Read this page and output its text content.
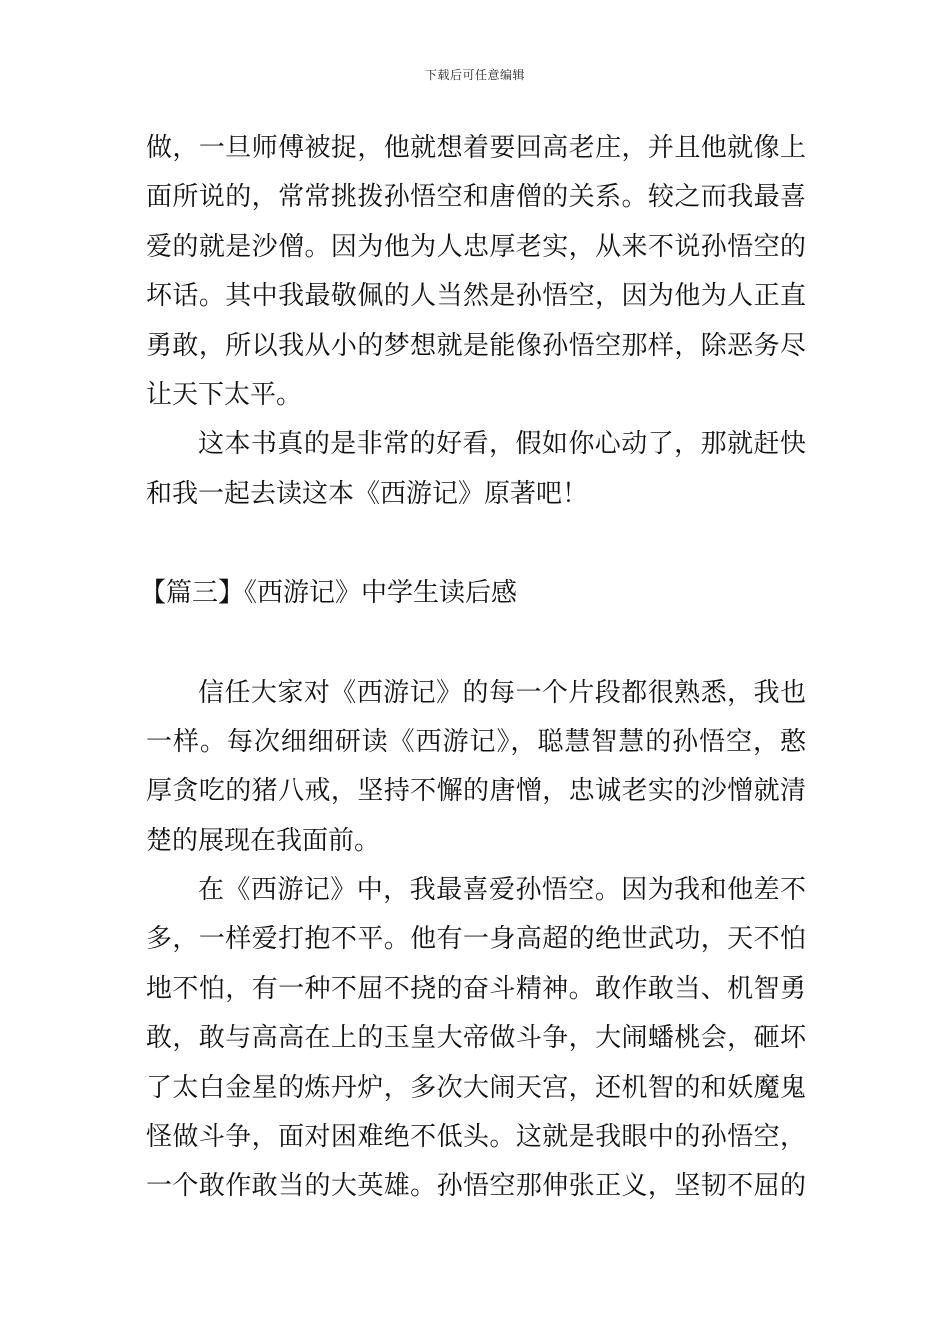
下载后可任意编辑
做，一旦师傅被捉，他就想着要回高老庄，并且他就像上
面所说的，常常挑拨孙悟空和唐僧的关系。较之而我最喜
爱的就是沙僧。因为他为人忠厚老实，从来不说孙悟空的
坏话。其中我最敬佩的人当然是孙悟空，因为他为人正直
勇敢，所以我从小的梦想就是能像孙悟空那样，除恶务尽
让天下太平。
这本书真的是非常的好看，假如你心动了，那就赶快
和我一起去读这本《西游记》原著吧！
【篇三】《西游记》中学生读后感
信任大家对《西游记》的每一个片段都很熟悉，我也
一样。每次细细研读《西游记》，聪慧智慧的孙悟空，憨
厚贪吃的猪八戒，坚持不懈的唐憎，忠诚老实的沙憎就清
楚的展现在我面前。
在《西游记》中，我最喜爱孙悟空。因为我和他差不
多，一样爱打抱不平。他有一身高超的绝世武功，天不怕
地不怕，有一种不屈不挠的奋斗精神。敢作敢当、机智勇
敢，敢与高高在上的玉皇大帝做斗争，大闹蟠桃会，砸坏
了太白金星的炼丹炉，多次大闹天宫，还机智的和妖魔鬼
怪做斗争，面对困难绝不低头。这就是我眼中的孙悟空，
一个敢作敢当的大英雄。孙悟空那伸张正义，坚韧不屈的
